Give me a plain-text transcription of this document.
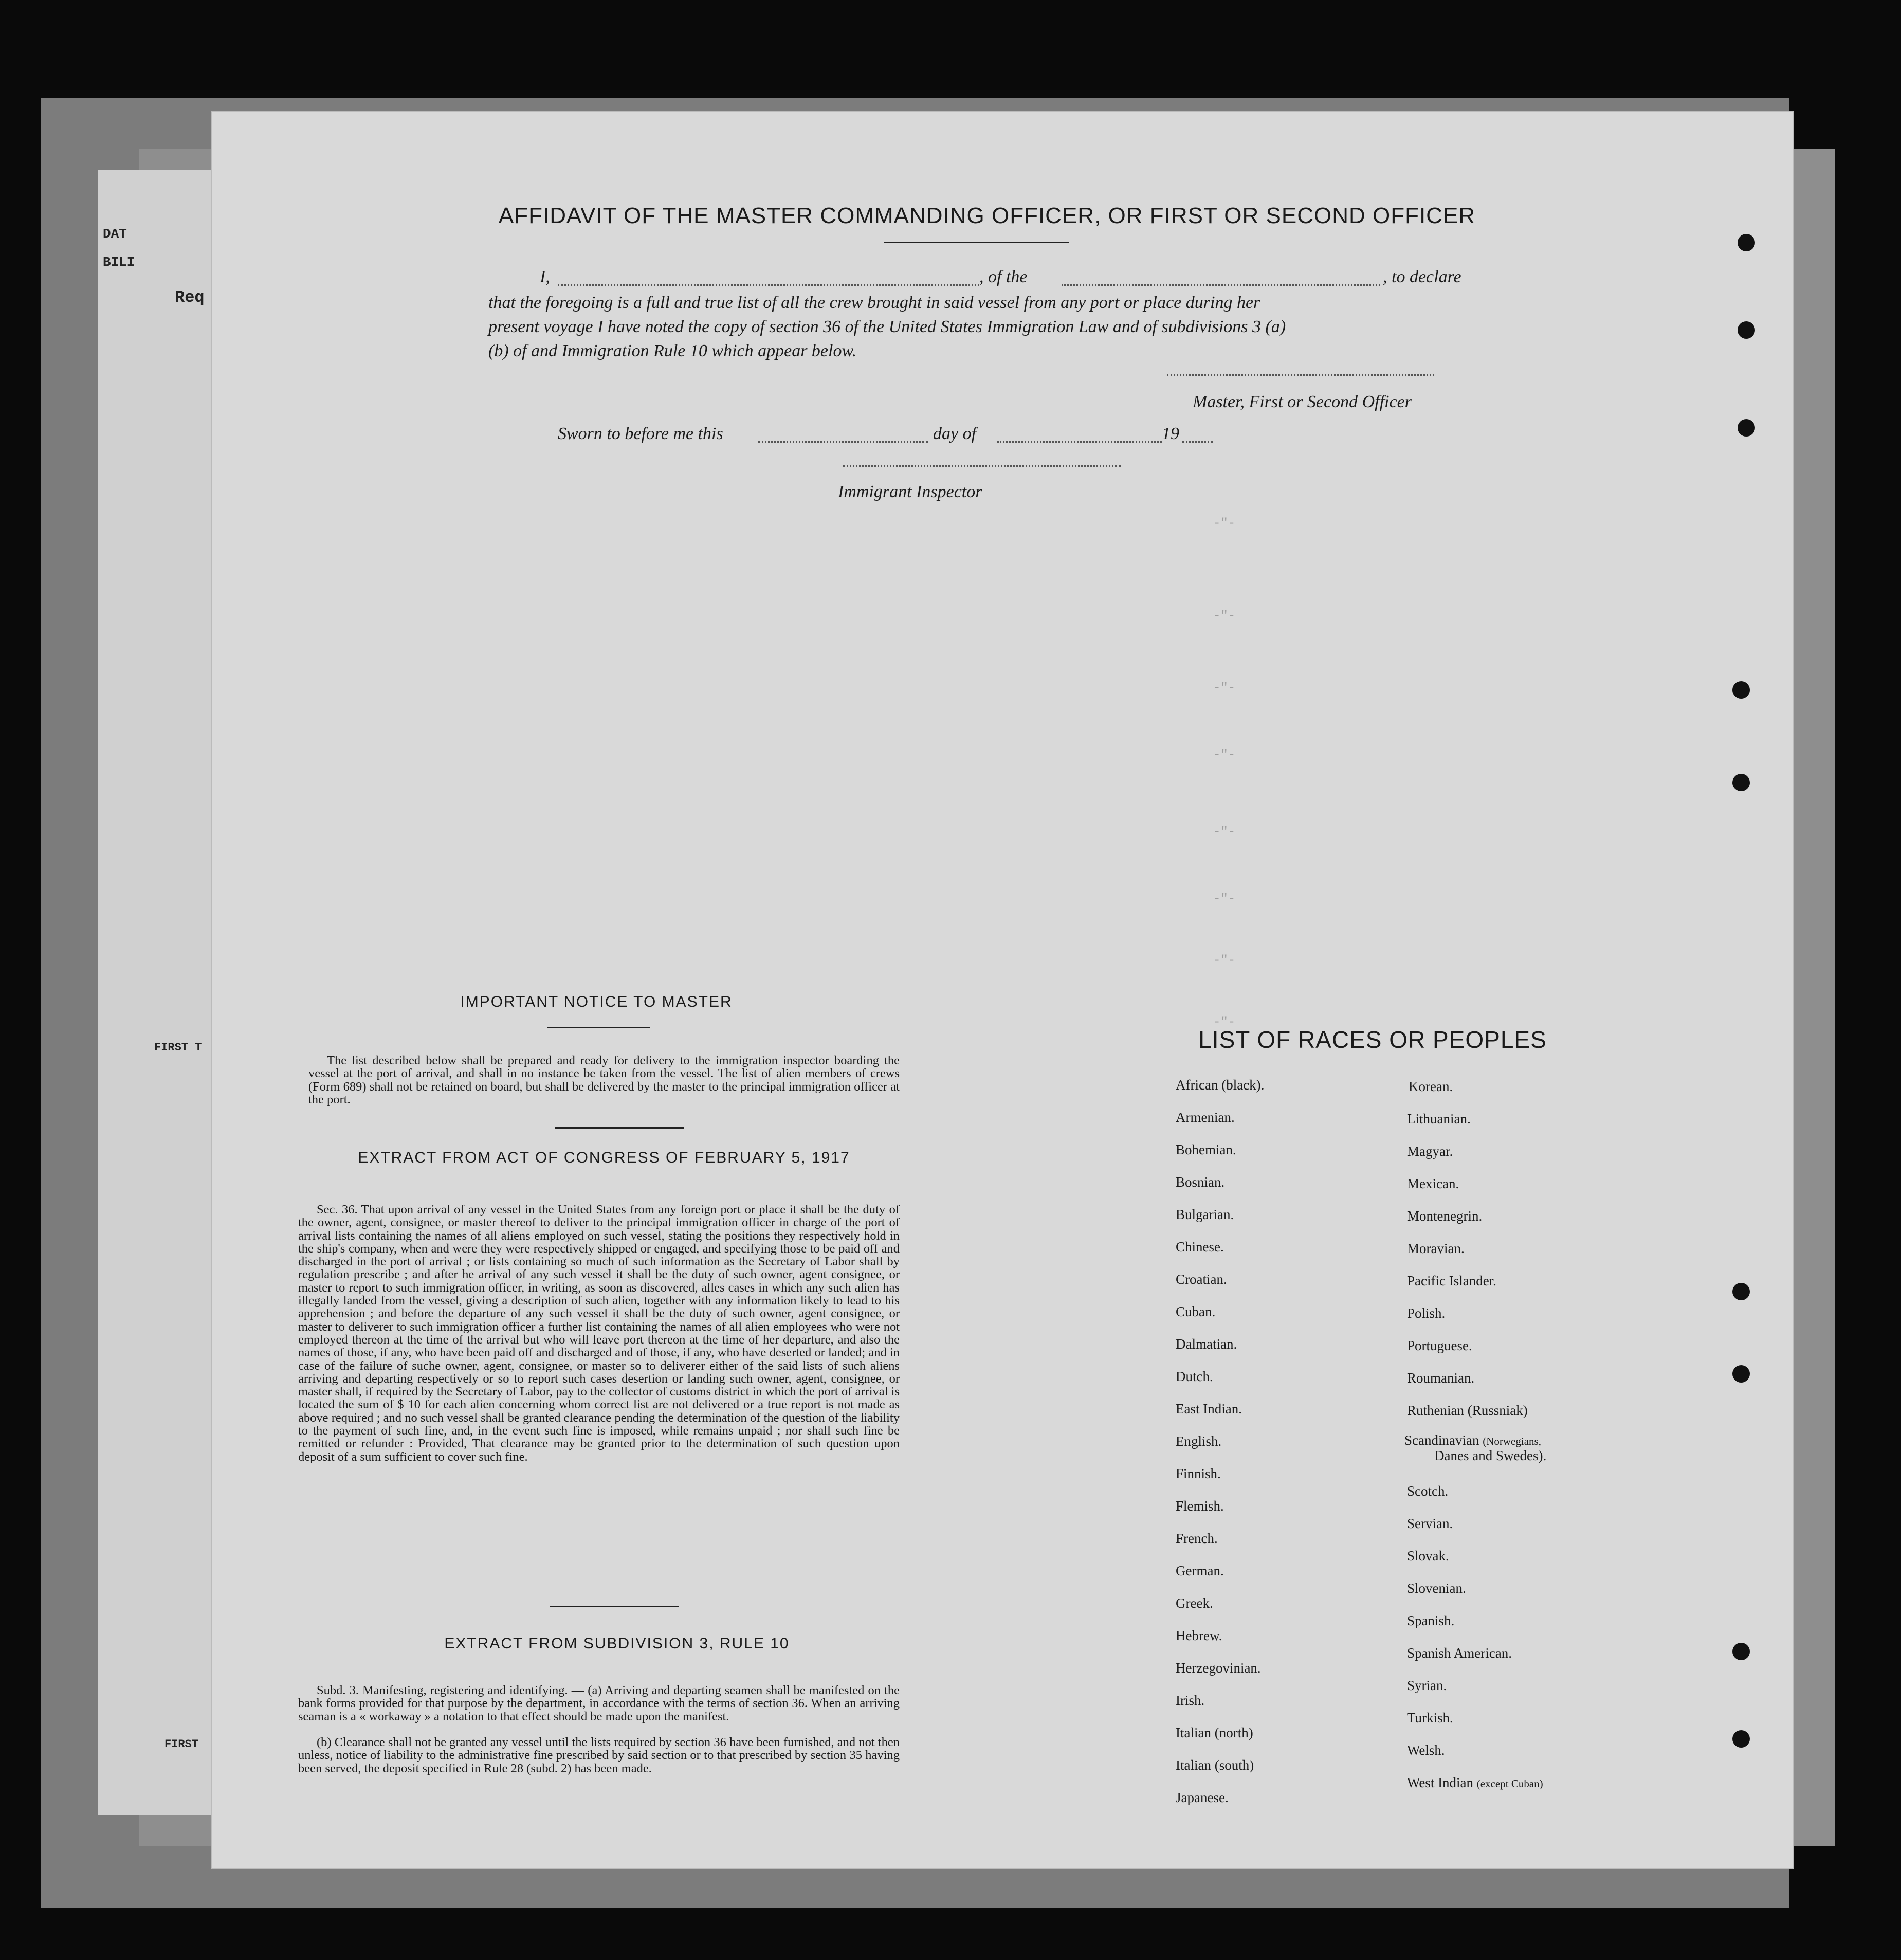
DAT
BILI
Req
FIRST T
FIRST
-"-
-"-
-"-
-"-
-"-
-"-
-"-
-"-
AFFIDAVIT OF THE MASTER COMMANDING OFFICER, OR FIRST OR SECOND OFFICER
I,	, of the	, to declare
that the foregoing is a full and true list of all the crew brought in said vessel from any port or place during her
present voyage I have noted the copy of section 36 of the United States Immigration Law and of subdivisions 3 (a)
(b) of and Immigration Rule 10 which appear below.
Master, First or Second Officer
Sworn to before me this	day of	19
Immigrant Inspector
IMPORTANT NOTICE TO MASTER
The list described below shall be prepared and ready for delivery to the immigration inspector boarding the vessel at the port of arrival, and shall in no instance be taken from the vessel. The list of alien members of crews (Form 689) shall not be retained on board, but shall be delivered by the master to the principal immigration officer at the port.
EXTRACT FROM ACT OF CONGRESS OF FEBRUARY 5, 1917
Sec. 36. That upon arrival of any vessel in the United States from any foreign port or place it shall be the duty of the owner, agent, consignee, or master thereof to deliver to the principal immigration officer in charge of the port of arrival lists containing the names of all aliens employed on such vessel, stating the positions they respectively hold in the ship's company, when and were they were respectively shipped or engaged, and specifying those to be paid off and discharged in the port of arrival ; or lists containing so much of such information as the Secretary of Labor shall by regulation prescribe ; and after he arrival of any such vessel it shall be the duty of such owner, agent consignee, or master to report to such immigration officer, in writing, as soon as discovered, alles cases in which any such alien has illegally landed from the vessel, giving a description of such alien, together with any information likely to lead to his apprehension ; and before the departure of any such vessel it shall be the duty of such owner, agent consignee, or master to deliverer to such immigration officer a further list containing the names of all alien employees who were not employed thereon at the time of the arrival but who will leave port thereon at the time of her departure, and also the names of those, if any, who have been paid off and discharged and of those, if any, who have deserted or landed; and in case of the failure of suche owner, agent, consignee, or master so to deliverer either of the said lists of such aliens arriving and departing respectively or so to report such cases desertion or landing such owner, agent, consignee, or master shall, if required by the Secretary of Labor, pay to the collector of customs district in which the port of arrival is located the sum of $ 10 for each alien concerning whom correct list are not delivered or a true report is not made as above required ; and no such vessel shall be granted clearance pending the determination of the question of the liability to the payment of such fine, and, in the event such fine is imposed, while remains unpaid ; nor shall such fine be remitted or refunder : Provided, That clearance may be granted prior to the determination of such question upon deposit of a sum sufficient to cover such fine.
EXTRACT FROM SUBDIVISION 3, RULE 10
Subd. 3. Manifesting, registering and identifying. — (a) Arriving and departing seamen shall be manifested on the bank forms provided for that purpose by the department, in accordance with the terms of section 36. When an arriving seaman is a « workaway » a notation to that effect should be made upon the manifest.
(b) Clearance shall not be granted any vessel until the lists required by section 36 have been furnished, and not then unless, notice of liability to the administrative fine prescribed by said section or to that prescribed by section 35 having been served, the deposit specified in Rule 28 (subd. 2) has been made.
LIST OF RACES OR PEOPLES
African (black).
Armenian.
Bohemian.
Bosnian.
Bulgarian.
Chinese.
Croatian.
Cuban.
Dalmatian.
Dutch.
East Indian.
English.
Finnish.
Flemish.
French.
German.
Greek.
Hebrew.
Herzegovinian.
Irish.
Italian (north)
Italian (south)
Japanese.
Korean.
Lithuanian.
Magyar.
Mexican.
Montenegrin.
Moravian.
Pacific Islander.
Polish.
Portuguese.
Roumanian.
Ruthenian (Russniak)
Scandinavian (Norwegians,
Danes and Swedes).
Scotch.
Servian.
Slovak.
Slovenian.
Spanish.
Spanish American.
Syrian.
Turkish.
Welsh.
West Indian (except Cuban)
